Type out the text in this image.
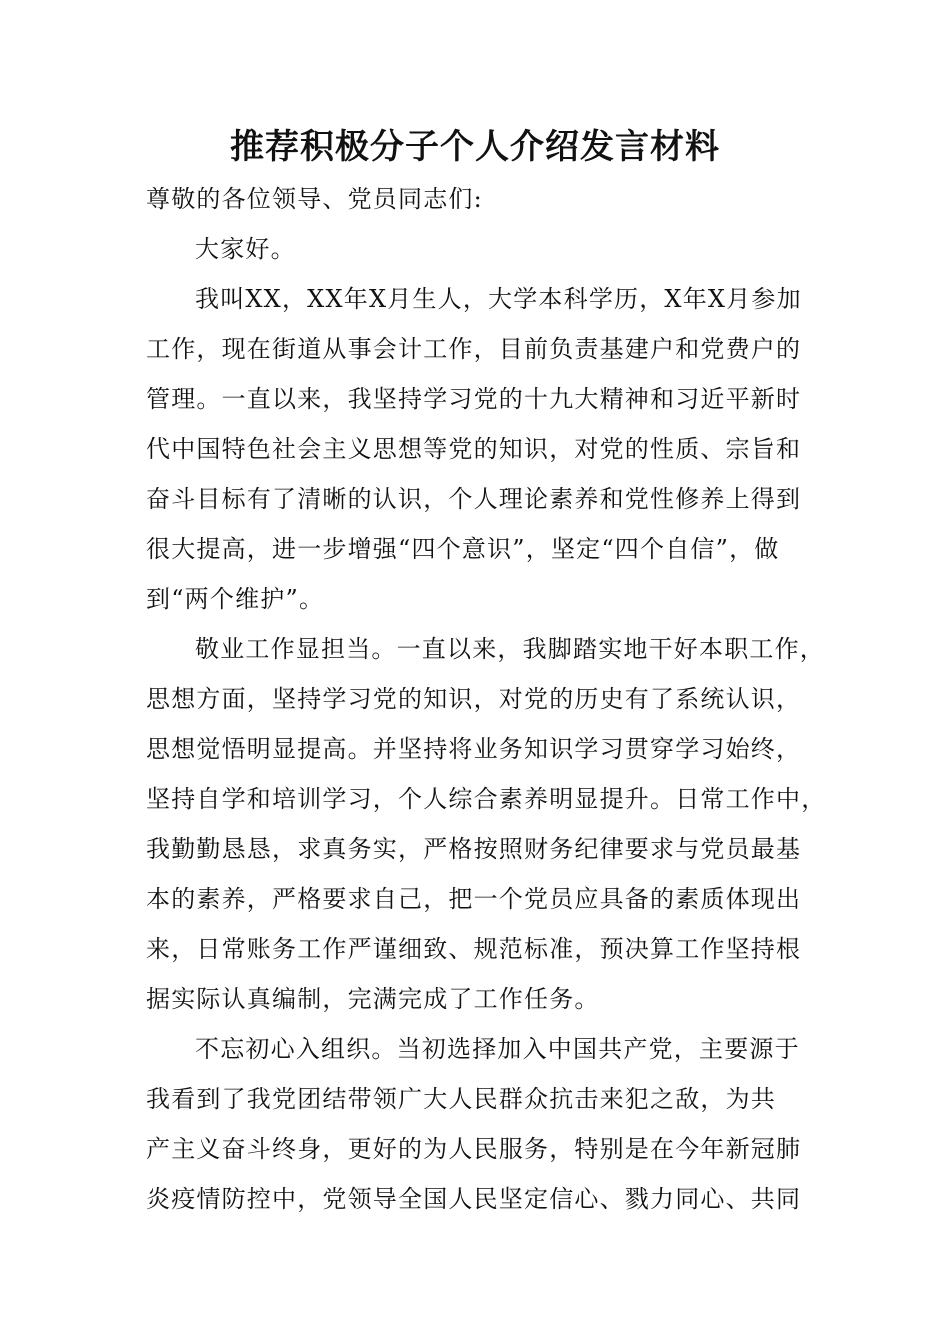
推荐积极分子个人介绍发言材料
尊敬的各位领导、党员同志们:
大家好。
我叫XX，XX年X月生人，大学本科学历，X年X月参加
工作，现在街道从事会计工作，目前负责基建户和党费户的
管理。一直以来，我坚持学习党的十九大精神和习近平新时
代中国特色社会主义思想等党的知识，对党的性质、宗旨和
奋斗目标有了清晰的认识，个人理论素养和党性修养上得到
很大提高，进一步增强“四个意识”，坚定“四个自信”，做
到“两个维护”。
敬业工作显担当。一直以来，我脚踏实地干好本职工作，
思想方面，坚持学习党的知识，对党的历史有了系统认识，
思想觉悟明显提高。并坚持将业务知识学习贯穿学习始终，
坚持自学和培训学习，个人综合素养明显提升。日常工作中，
我勤勤恳恳，求真务实，严格按照财务纪律要求与党员最基
本的素养，严格要求自己，把一个党员应具备的素质体现出
来，日常账务工作严谨细致、规范标准，预决算工作坚持根
据实际认真编制，完满完成了工作任务。
不忘初心入组织。当初选择加入中国共产党，主要源于
我看到了我党团结带领广大人民群众抗击来犯之敌，为共
产主义奋斗终身，更好的为人民服务，特别是在今年新冠肺
炎疫情防控中，党领导全国人民坚定信心、戮力同心、共同
